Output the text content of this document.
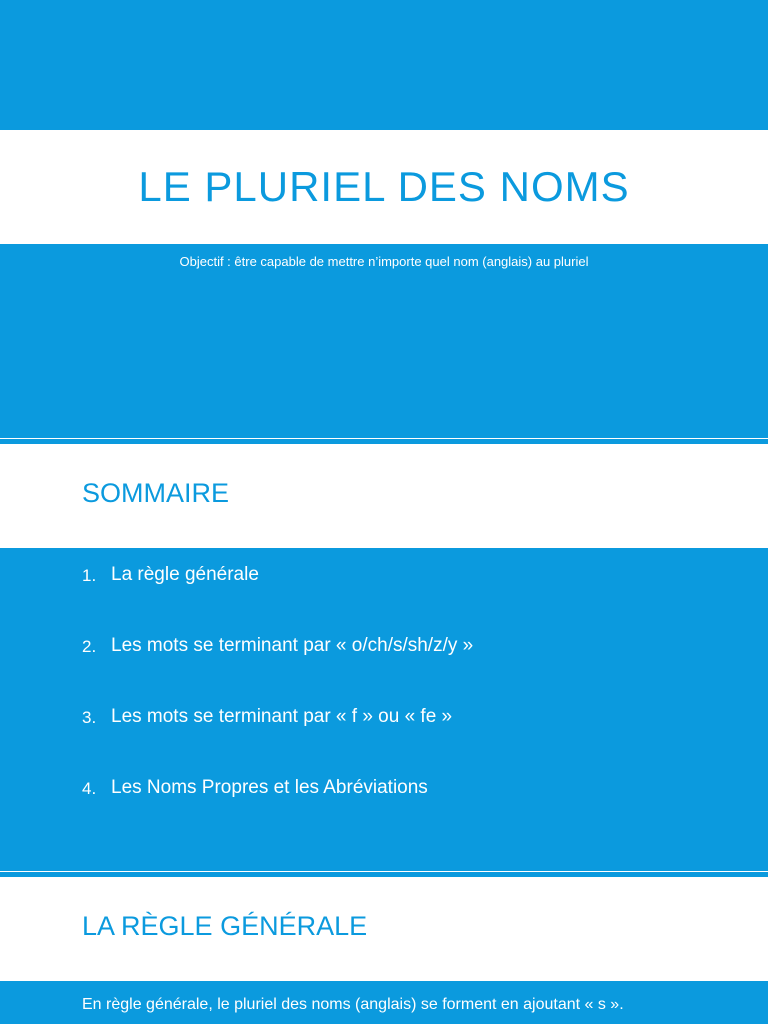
LE PLURIEL DES NOMS
Objectif : être capable de mettre n’importe quel nom (anglais) au pluriel
SOMMAIRE
1. La règle générale
2. Les mots se terminant par « o/ch/s/sh/z/y »
3. Les mots se terminant par « f » ou « fe »
4. Les Noms Propres et les Abréviations
LA RÈGLE GÉNÉRALE
En règle générale, le pluriel des noms (anglais) se forment en ajoutant « s ».
